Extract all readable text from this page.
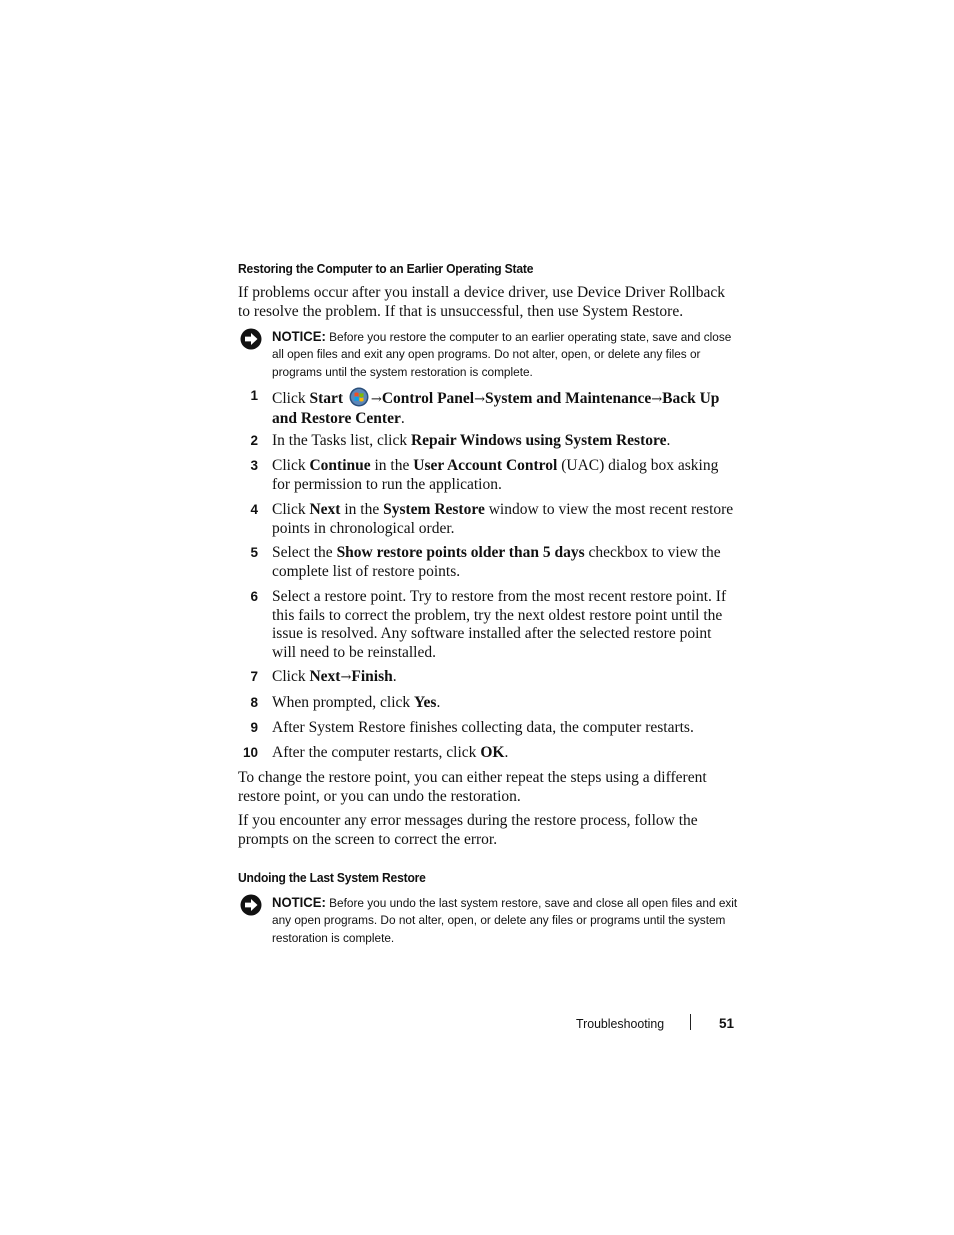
Restoring the Computer to an Earlier Operating State
If problems occur after you install a device driver, use Device Driver Rollback to resolve the problem. If that is unsuccessful, then use System Restore.
NOTICE: Before you restore the computer to an earlier operating state, save and close all open files and exit any open programs. Do not alter, open, or delete any files or programs until the system restoration is complete.
1 Click Start →Control Panel→System and Maintenance→Back Up and Restore Center.
2 In the Tasks list, click Repair Windows using System Restore.
3 Click Continue in the User Account Control (UAC) dialog box asking for permission to run the application.
4 Click Next in the System Restore window to view the most recent restore points in chronological order.
5 Select the Show restore points older than 5 days checkbox to view the complete list of restore points.
6 Select a restore point. Try to restore from the most recent restore point. If this fails to correct the problem, try the next oldest restore point until the issue is resolved. Any software installed after the selected restore point will need to be reinstalled.
7 Click Next→Finish.
8 When prompted, click Yes.
9 After System Restore finishes collecting data, the computer restarts.
10 After the computer restarts, click OK.
To change the restore point, you can either repeat the steps using a different restore point, or you can undo the restoration.
If you encounter any error messages during the restore process, follow the prompts on the screen to correct the error.
Undoing the Last System Restore
NOTICE: Before you undo the last system restore, save and close all open files and exit any open programs. Do not alter, open, or delete any files or programs until the system restoration is complete.
Troubleshooting	51
